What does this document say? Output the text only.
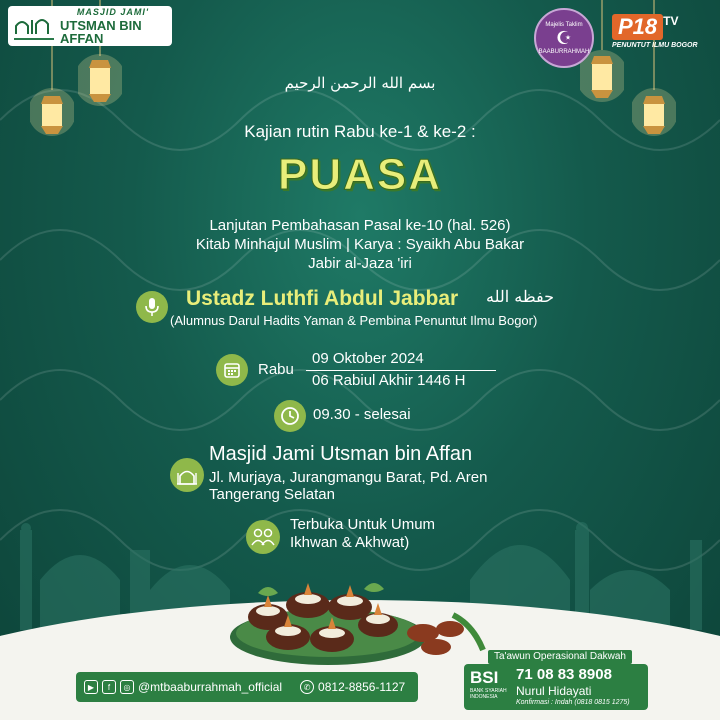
MASJID JAMI'
UTSMAN BIN AFFAN
Majelis Taklim
☪
BAABURRAHMAH
P18 $^{TV}$
PENUNTUT ILMU BOGOR
بسم الله الرحمن الرحيم
Kajian rutin Rabu ke-1 & ke-2 :
PUASA
Lanjutan Pembahasan Pasal ke-10 (hal. 526)
Kitab Minhajul Muslim | Karya : Syaikh Abu Bakar
Jabir al-Jaza 'iri
Ustadz Luthfi Abdul Jabbar حفظه الله
(Alumnus Darul Hadits Yaman & Pembina Penuntut Ilmu Bogor)
Rabu
09 Oktober 2024
06 Rabiul Akhir 1446 H
09.30 - selesai
Masjid Jami Utsman bin Affan
Jl. Murjaya, Jurangmangu Barat, Pd. Aren
Tangerang Selatan
Terbuka Untuk Umum
Ikhwan & Akhwat)
▶	f	◎ @mtbaaburrahmah_official	✆ 0812-8856-1127
Ta'awun Operasional Dakwah
BSI
BANK SYARIAH INDONESIA
71 08 83 8908
Nurul Hidayati
Konfirmasi : Indah (0818 0815 1275)
